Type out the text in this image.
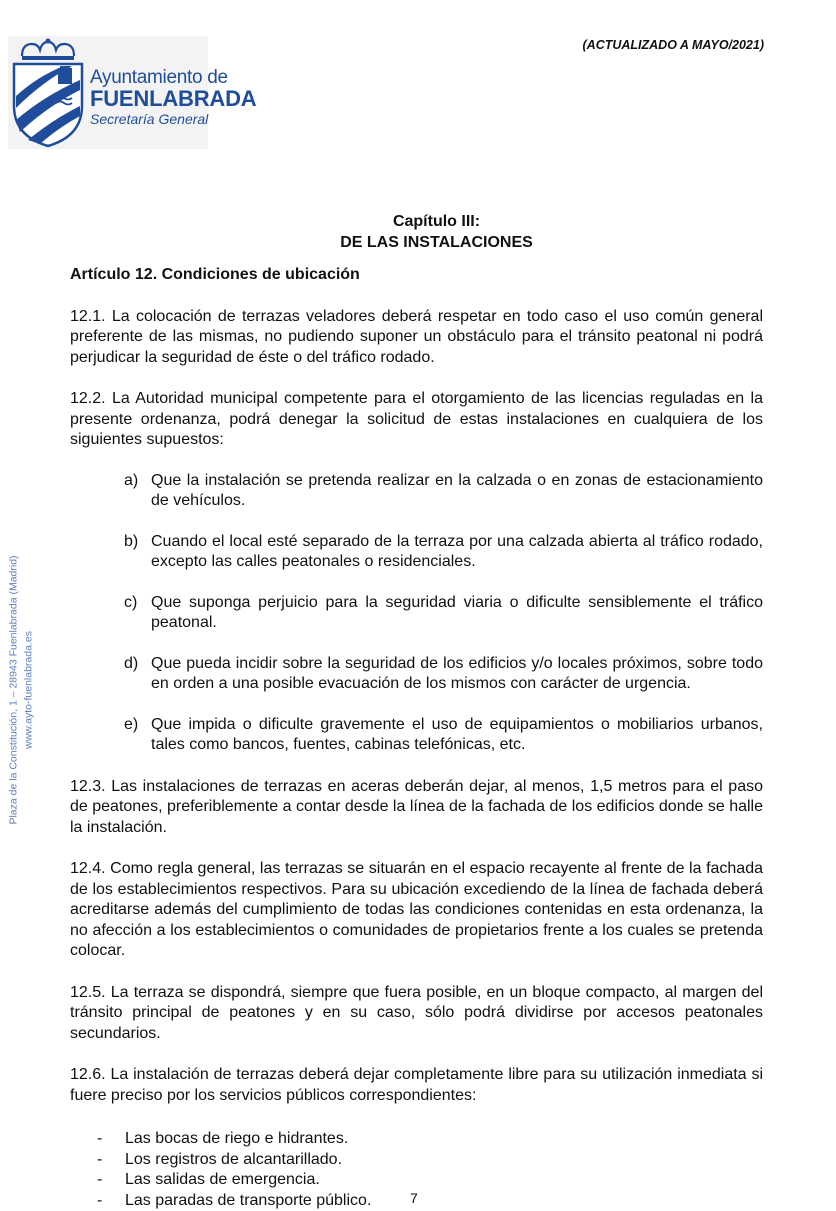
Ayuntamiento de
FUENLABRADA
Secretaría General
(ACTUALIZADO A MAYO/2021)
Plaza de la Constitución, 1 – 28943 Fuenlabrada (Madrid) www.ayto-fuenlabrada.es
Capítulo III:
DE LAS INSTALACIONES
Artículo 12. Condiciones de ubicación

12.1. La colocación de terrazas veladores deberá respetar en todo caso el uso común general preferente de las mismas, no pudiendo suponer un obstáculo para el tránsito peatonal ni podrá perjudicar la seguridad de éste o del tráfico rodado.

12.2. La Autoridad municipal competente para el otorgamiento de las licencias reguladas en la presente ordenanza, podrá denegar la solicitud de estas instalaciones en cualquiera de los siguientes supuestos:

a) Que la instalación se pretenda realizar en la calzada o en zonas de estacionamiento de vehículos.
b) Cuando el local esté separado de la terraza por una calzada abierta al tráfico rodado, excepto las calles peatonales o residenciales.
c) Que suponga perjuicio para la seguridad viaria o dificulte sensiblemente el tráfico peatonal.
d) Que pueda incidir sobre la seguridad de los edificios y/o locales próximos, sobre todo en orden a una posible evacuación de los mismos con carácter de urgencia.
e) Que impida o dificulte gravemente el uso de equipamientos o mobiliarios urbanos, tales como bancos, fuentes, cabinas telefónicas, etc.

12.3. Las instalaciones de terrazas en aceras deberán dejar, al menos, 1,5 metros para el paso de peatones, preferiblemente a contar desde la línea de la fachada de los edificios donde se halle la instalación.

12.4. Como regla general, las terrazas se situarán en el espacio recayente al frente de la fachada de los establecimientos respectivos. Para su ubicación excediendo de la línea de fachada deberá acreditarse además del cumplimiento de todas las condiciones contenidas en esta ordenanza, la no afección a los establecimientos o comunidades de propietarios frente a los cuales se pretenda colocar.

12.5. La terraza se dispondrá, siempre que fuera posible, en un bloque compacto, al margen del tránsito principal de peatones y en su caso, sólo podrá dividirse por accesos peatonales secundarios.

12.6. La instalación de terrazas deberá dejar completamente libre para su utilización inmediata si fuere preciso por los servicios públicos correspondientes:

-	Las bocas de riego e hidrantes.
-	Los registros de alcantarillado.
-	Las salidas de emergencia.
-	Las paradas de transporte público.	7
